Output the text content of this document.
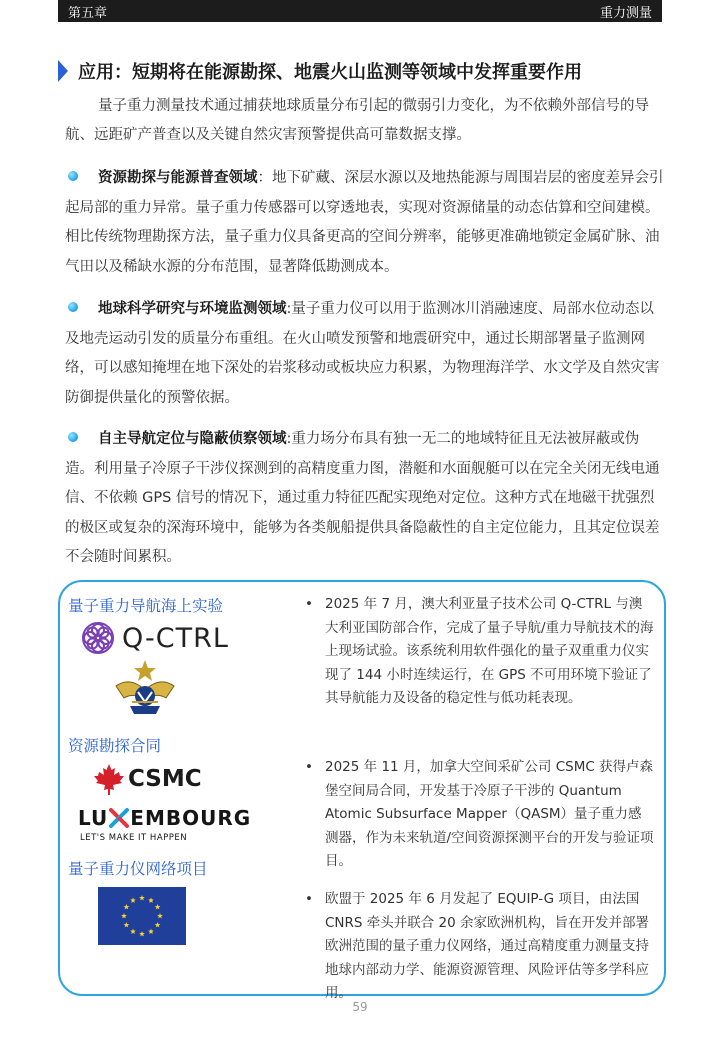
第五章	重力测量
应用：短期将在能源勘探、地震火山监测等领域中发挥重要作用
量子重力测量技术通过捕获地球质量分布引起的微弱引力变化，为不依赖外部信号的导航、远距矿产普查以及关键自然灾害预警提供高可靠数据支撑。
资源勘探与能源普查领域：地下矿藏、深层水源以及地热能源与周围岩层的密度差异会引起局部的重力异常。量子重力传感器可以穿透地表，实现对资源储量的动态估算和空间建模。相比传统物理勘探方法，量子重力仪具备更高的空间分辨率，能够更准确地锁定金属矿脉、油气田以及稀缺水源的分布范围，显著降低勘测成本。
地球科学研究与环境监测领域:量子重力仪可以用于监测冰川消融速度、局部水位动态以及地壳运动引发的质量分布重组。在火山喷发预警和地震研究中，通过长期部署量子监测网络，可以感知掩埋在地下深处的岩浆移动或板块应力积累，为物理海洋学、水文学及自然灾害防御提供量化的预警依据。
自主导航定位与隐蔽侦察领域:重力场分布具有独一无二的地域特征且无法被屏蔽或伪造。利用量子冷原子干涉仪探测到的高精度重力图，潜艇和水面舰艇可以在完全关闭无线电通信、不依赖 GPS 信号的情况下，通过重力特征匹配实现绝对定位。这种方式在地磁干扰强烈的极区或复杂的深海环境中，能够为各类舰船提供具备隐蔽性的自主定位能力，且其定位误差不会随时间累积。
量子重力导航海上实验
资源勘探合同
量子重力仪网络项目
• 2025 年 7 月，澳大利亚量子技术公司 Q-CTRL 与澳大利亚国防部合作，完成了量子导航/重力导航技术的海上现场试验。该系统利用软件强化的量子双重重力仪实现了 144 小时连续运行，在 GPS 不可用环境下验证了其导航能力及设备的稳定性与低功耗表现。
• 2025 年 11 月，加拿大空间采矿公司 CSMC 获得卢森堡空间局合同，开发基于冷原子干涉的 Quantum Atomic Subsurface Mapper（QASM）量子重力感测器，作为未来轨道/空间资源探测平台的开发与验证项目。
• 欧盟于 2025 年 6 月发起了 EQUIP-G 项目，由法国 CNRS 牵头并联合 20 余家欧洲机构，旨在开发并部署欧洲范围的量子重力仪网络，通过高精度重力测量支持地球内部动力学、能源资源管理、风险评估等多学科应用。
Q-CTRL
CSMC
LU EMBOURG
LET'S MAKE IT HAPPEN
59
